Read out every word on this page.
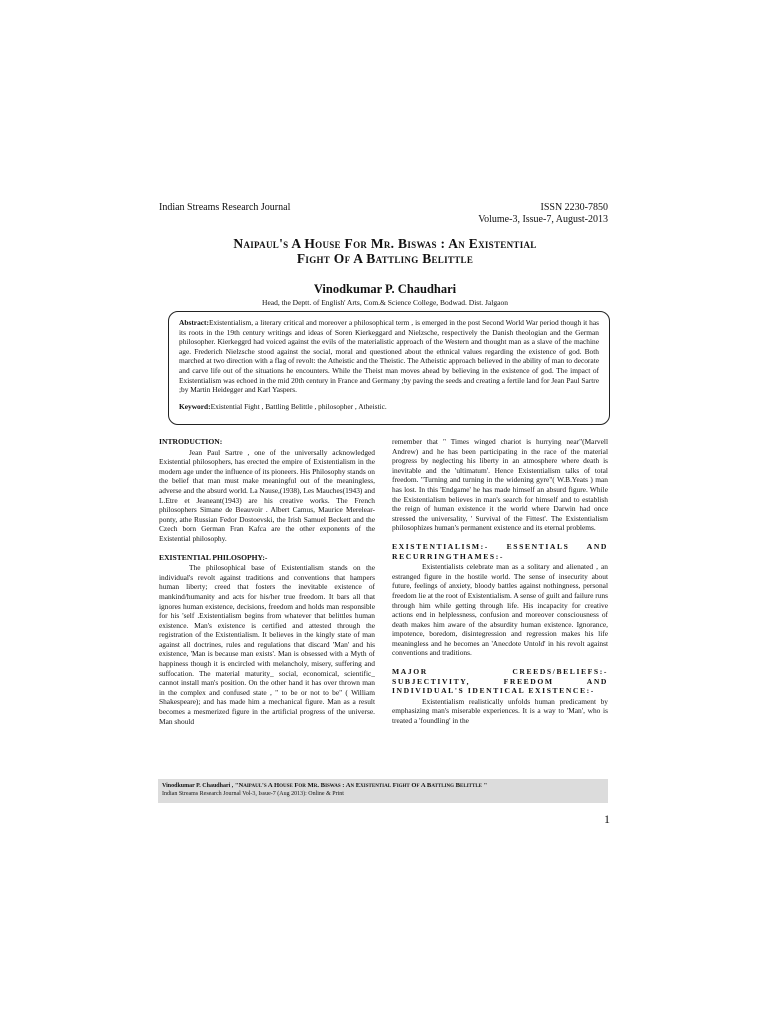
Indian Streams Research Journal	ISSN 2230-7850
Volume-3, Issue-7, August-2013
Naipaul's A House For Mr. Biswas : An Existential
Fight Of A Battling Belittle
Vinodkumar P. Chaudhari
Head, the Deptt. of English' Arts, Com.& Science College, Bodwad. Dist. Jalgaon
Abstract:Existentialism, a literary critical and moreover a philosophical term , is emerged in the post Second World War period though it has its roots in the 19th century writings and ideas of Soren Kierkeggard and Nielzsche, respectively the Danish theologian and the German philosopher. Kierkeggrd had voiced against the evils of the materialistic approach of the Western and thought man as a slave of the machine age. Frederich Nielzsche stood against the social, moral and questioned about the ethnical values regarding the existence of god. Both marched at two direction with a flag of revolt: the Atheistic and the Theistic. The Atheistic approach believed in the ability of man to decorate and carve life out of the situations he encounters. While the Theist man moves ahead by believing in the existence of god. The impact of Existentialism was echoed in the mid 20th century in France and Germany ;by paving the seeds and creating a fertile land for Jean Paul Sartre ;by Martin Heidegger and Karl Yaspers.
Keyword:Existential Fight , Battling Belittle , philosopher , Atheistic.
INTRODUCTION:

Jean Paul Sartre , one of the universally acknowledged Existential philosophers, has erected the empire of Existentialism in the modern age under the influence of its pioneers. His Philosophy stands on the belief that man must make meaningful out of the meaningless, adverse and the absurd world. La Nause,(1938), Les Mauches(1943) and L.Etre et Jeaneant(1943) are his creative works. The French philosophers Simane de Beauvoir . Albert Camus, Maurice Merelear-ponty, athe Russian Fedor Dostoevski, the Irish Samuel Beckett and the Czech born German Fran Kafca are the other exponents of the Existential philosophy.

EXISTENTIAL PHILOSOPHY:-

The philosophical base of Existentialism stands on the individual's revolt against traditions and conventions that hampers human liberty; creed that fosters the inevitable existence of mankind/humanity and acts for his/her true freedom. It bars all that ignores human existence, decisions, freedom and holds man responsible for his 'self .Existentialism begins from whatever that belittles human existence. Man's existence is certified and attested through the registration of the Existentialism. It believes in the kingly state of man against all doctrines, rules and regulations that discard 'Man' and his existence, 'Man is because man exists'. Man is obsessed with a Myth of happiness though it is encircled with melancholy, misery, suffering and suffocation. The material maturity_ social, economical, scientific_ cannot install man's position. On the other hand it has over thrown man in the complex and confused state , " to be or not to be" ( William Shakespeare); and has made him a mechanical figure. Man as a result becomes a mesmerized figure in the artificial progress of the universe. Man should

remember that " Times winged chariot is hurrying near"(Marvell Andrew) and he has been participating in the race of the material progress by neglecting his liberty in an atmosphere where death is inevitable and the 'ultimatum'. Hence Existentialism talks of total freedom. "Turning and turning in the widening gyre"( W.B.Yeats ) man has lost. In this 'Endgame' he has made himself an absurd figure. While the Existentialism believes in man's search for himself and to establish the reign of human existence it the world where Darwin had once stressed the universality, ' Survival of the Fittest'. The Existentialism philosophizes human's permanent existence and its eternal problems.

EXISTENTIALISM:- ESSENTIALS AND RECURRINGTHAMES:-

Existentialists celebrate man as a solitary and alienated , an estranged figure in the hostile world. The sense of insecurity about future, feelings of anxiety, bloody battles against nothingness, personal freedom lie at the root of Existentialism. A sense of guilt and failure runs through him while getting through life. His incapacity for creative actions end in helplessness, confusion and moreover consciousness of death makes him aware of the absurdity human existence. Ignorance, impotence, boredom, disintegression and regression makes his life meaningless and he becomes an 'Anecdote Untold' in his revolt against conventions and traditions.

MAJOR CREEDS/BELIEFS:- SUBJECTIVITY, FREEDOM AND INDIVIDUAL'S IDENTICAL EXISTENCE:-

Existentialism realistically unfolds human predicament by emphasizing man's miserable experiences. It is a way to 'Man', who is treated a 'foundling' in the

Vinodkumar P. Chaudhari , "Naipaul's A House For Mr. Biswas : An Existential Fight Of A Battling Belittle "
Indian Streams Research Journal Vol-3, Issue-7 (Aug 2013): Online & Print
1
